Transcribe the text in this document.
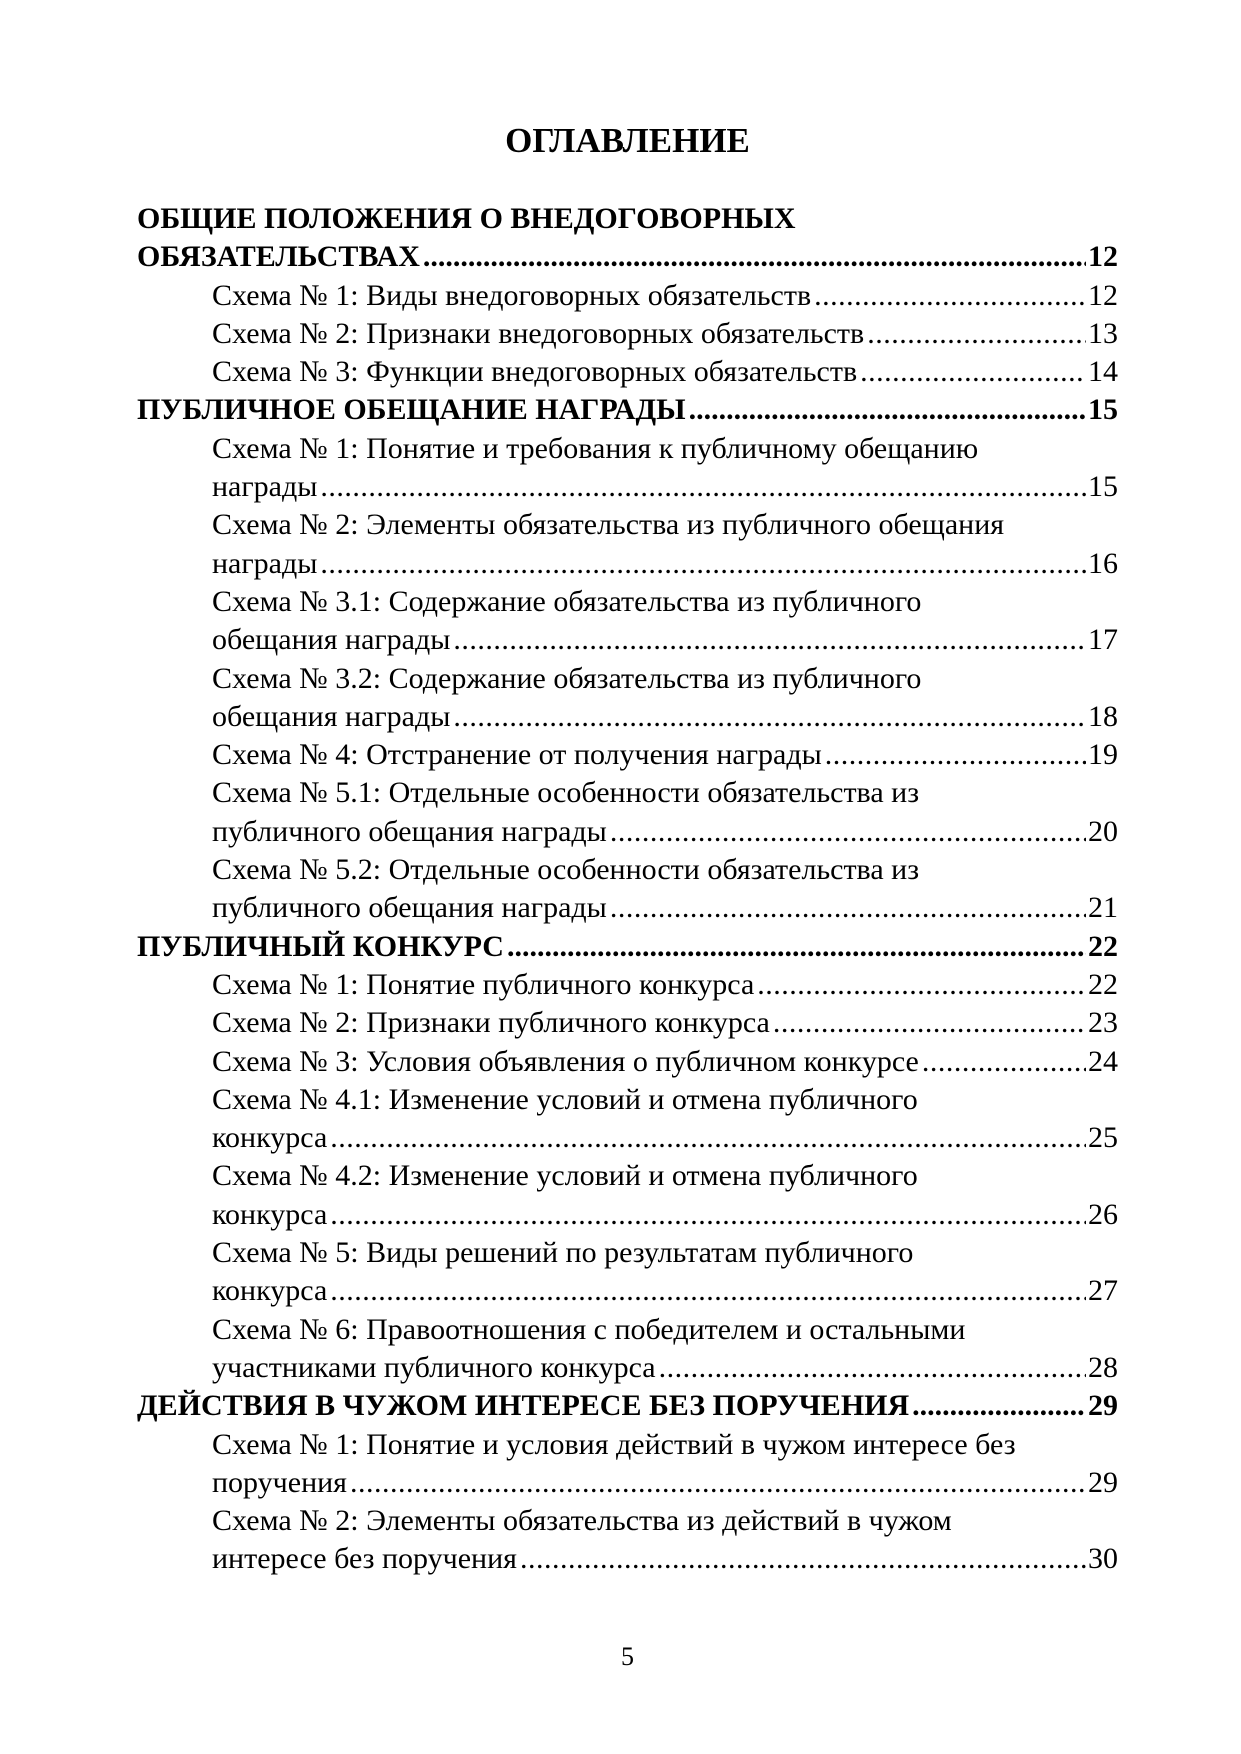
ОГЛАВЛЕНИЕ
ОБЩИЕ ПОЛОЖЕНИЯ О ВНЕДОГОВОРНЫХ
ОБЯЗАТЕЛЬСТВАХ .....	12
Схема № 1: Виды внедоговорных обязательств .....	12
Схема № 2: Признаки внедоговорных обязательств .....	13
Схема № 3: Функции внедоговорных обязательств .....	14
ПУБЛИЧНОЕ ОБЕЩАНИЕ НАГРАДЫ .....	15
Схема № 1: Понятие и требования к публичному обещанию
награды .....	15
Схема № 2: Элементы обязательства из публичного обещания
награды .....	16
Схема № 3.1: Содержание обязательства из публичного
обещания награды .....	17
Схема № 3.2: Содержание обязательства из публичного
обещания награды .....	18
Схема № 4: Отстранение от получения награды .....	19
Схема № 5.1: Отдельные особенности обязательства из
публичного обещания награды .....	20
Схема № 5.2: Отдельные особенности обязательства из
публичного обещания награды .....	21
ПУБЛИЧНЫЙ КОНКУРС .....	22
Схема № 1: Понятие публичного конкурса .....	22
Схема № 2: Признаки публичного конкурса .....	23
Схема № 3: Условия объявления о публичном конкурсе .....	24
Схема № 4.1: Изменение условий и отмена публичного
конкурса .....	25
Схема № 4.2: Изменение условий и отмена публичного
конкурса .....	26
Схема № 5: Виды решений по результатам публичного
конкурса .....	27
Схема № 6: Правоотношения с победителем и остальными
участниками публичного конкурса .....	28
ДЕЙСТВИЯ В ЧУЖОМ ИНТЕРЕСЕ БЕЗ ПОРУЧЕНИЯ .....	29
Схема № 1: Понятие и условия действий в чужом интересе без
поручения .....	29
Схема № 2: Элементы обязательства из действий в чужом
интересе без поручения .....	30
5
